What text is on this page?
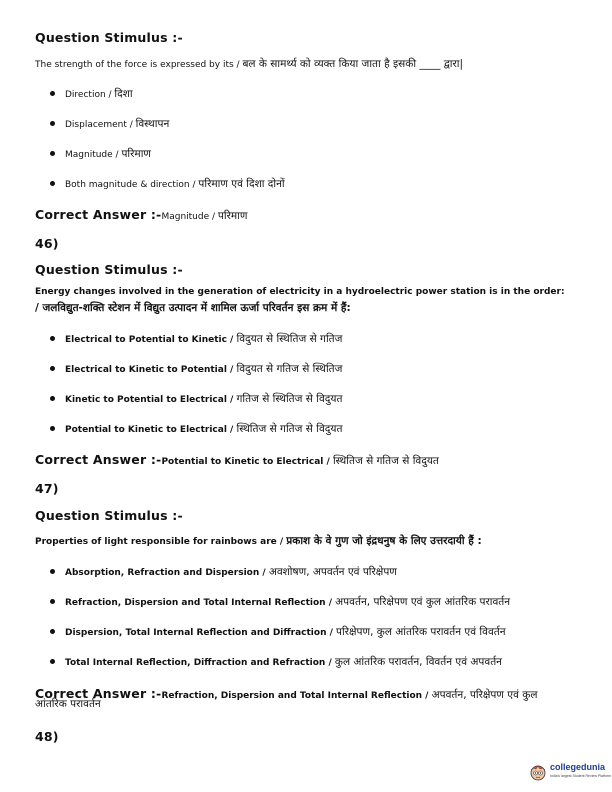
Question Stimulus :-
The strength of the force is expressed by its / बल के सामर्थ्य को व्यक्त किया जाता है इसकी ____ द्वारा|
Direction / दिशा
Displacement / विस्थापन
Magnitude / परिमाण
Both magnitude & direction / परिमाण एवं दिशा दोनों
Correct Answer :-Magnitude / परिमाण
46)
Question Stimulus :-
Energy changes involved in the generation of electricity in a hydroelectric power station is in the order:
/ जलविद्युत-शक्ति स्टेशन में विद्युत उत्पादन में शामिल ऊर्जा परिवर्तन इस क्रम में हैं:
Electrical to Potential to Kinetic / विदुयत से स्थितिज से गतिज
Electrical to Kinetic to Potential / विदुयत से गतिज से स्थितिज
Kinetic to Potential to Electrical / गतिज से स्थितिज से विदुयत
Potential to Kinetic to Electrical / स्थितिज से गतिज से विदुयत
Correct Answer :-Potential to Kinetic to Electrical / स्थितिज से गतिज से विदुयत
47)
Question Stimulus :-
Properties of light responsible for rainbows are / प्रकाश के वे गुण जो इंद्रधनुष के लिए उत्तरदायी हैं :
Absorption, Refraction and Dispersion / अवशोषण, अपवर्तन एवं परिक्षेपण
Refraction, Dispersion and Total Internal Reflection / अपवर्तन, परिक्षेपण एवं कुल आंतरिक परावर्तन
Dispersion, Total Internal Reflection and Diffraction / परिक्षेपण, कुल आंतरिक परावर्तन एवं विवर्तन
Total Internal Reflection, Diffraction and Refraction / कुल आंतरिक परावर्तन, विवर्तन एवं अपवर्तन
Correct Answer :-Refraction, Dispersion and Total Internal Reflection / अपवर्तन, परिक्षेपण एवं कुल
आंतरिक परावर्तन
48)
collegedunia
India's largest Student Review Platform
